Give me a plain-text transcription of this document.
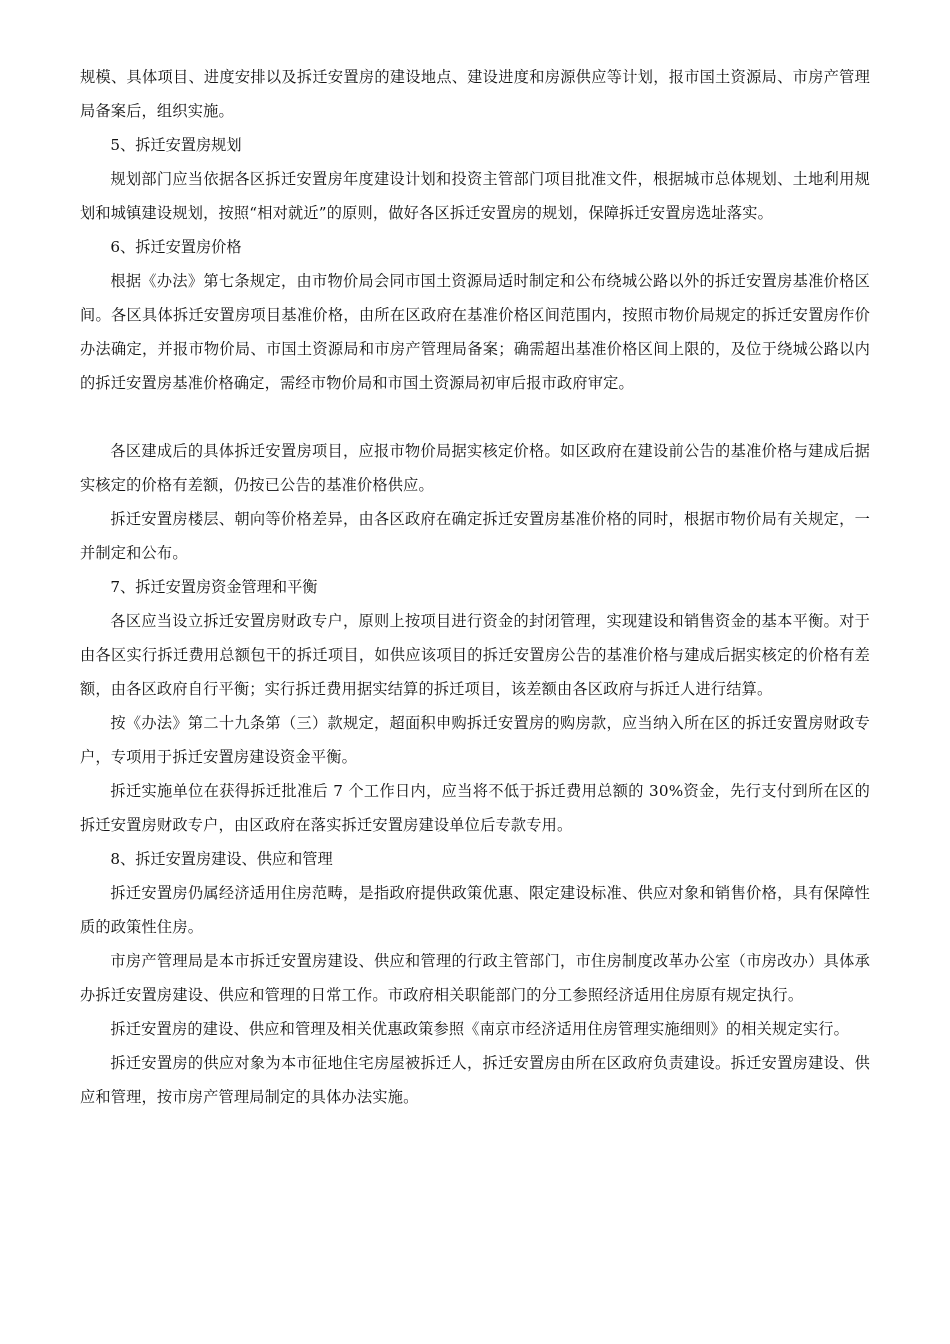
规模、具体项目、进度安排以及拆迁安置房的建设地点、建设进度和房源供应等计划，报市国土资源局、市房产管理局备案后，组织实施。

5、拆迁安置房规划

规划部门应当依据各区拆迁安置房年度建设计划和投资主管部门项目批准文件，根据城市总体规划、土地利用规划和城镇建设规划，按照“相对就近”的原则，做好各区拆迁安置房的规划，保障拆迁安置房选址落实。

6、拆迁安置房价格

根据《办法》第七条规定，由市物价局会同市国土资源局适时制定和公布绕城公路以外的拆迁安置房基准价格区间。各区具体拆迁安置房项目基准价格，由所在区政府在基准价格区间范围内，按照市物价局规定的拆迁安置房作价办法确定，并报市物价局、市国土资源局和市房产管理局备案；确需超出基准价格区间上限的，及位于绕城公路以内的拆迁安置房基准价格确定，需经市物价局和市国土资源局初审后报市政府审定。

各区建成后的具体拆迁安置房项目，应报市物价局据实核定价格。如区政府在建设前公告的基准价格与建成后据实核定的价格有差额，仍按已公告的基准价格供应。

拆迁安置房楼层、朝向等价格差异，由各区政府在确定拆迁安置房基准价格的同时，根据市物价局有关规定，一并制定和公布。

7、拆迁安置房资金管理和平衡

各区应当设立拆迁安置房财政专户，原则上按项目进行资金的封闭管理，实现建设和销售资金的基本平衡。对于由各区实行拆迁费用总额包干的拆迁项目，如供应该项目的拆迁安置房公告的基准价格与建成后据实核定的价格有差额，由各区政府自行平衡；实行拆迁费用据实结算的拆迁项目，该差额由各区政府与拆迁人进行结算。

按《办法》第二十九条第（三）款规定，超面积申购拆迁安置房的购房款，应当纳入所在区的拆迁安置房财政专户，专项用于拆迁安置房建设资金平衡。

拆迁实施单位在获得拆迁批准后 7 个工作日内，应当将不低于拆迁费用总额的 30%资金，先行支付到所在区的拆迁安置房财政专户，由区政府在落实拆迁安置房建设单位后专款专用。

8、拆迁安置房建设、供应和管理

拆迁安置房仍属经济适用住房范畴，是指政府提供政策优惠、限定建设标准、供应对象和销售价格，具有保障性质的政策性住房。

市房产管理局是本市拆迁安置房建设、供应和管理的行政主管部门，市住房制度改革办公室（市房改办）具体承办拆迁安置房建设、供应和管理的日常工作。市政府相关职能部门的分工参照经济适用住房原有规定执行。

拆迁安置房的建设、供应和管理及相关优惠政策参照《南京市经济适用住房管理实施细则》的相关规定实行。

拆迁安置房的供应对象为本市征地住宅房屋被拆迁人，拆迁安置房由所在区政府负责建设。拆迁安置房建设、供应和管理，按市房产管理局制定的具体办法实施。
